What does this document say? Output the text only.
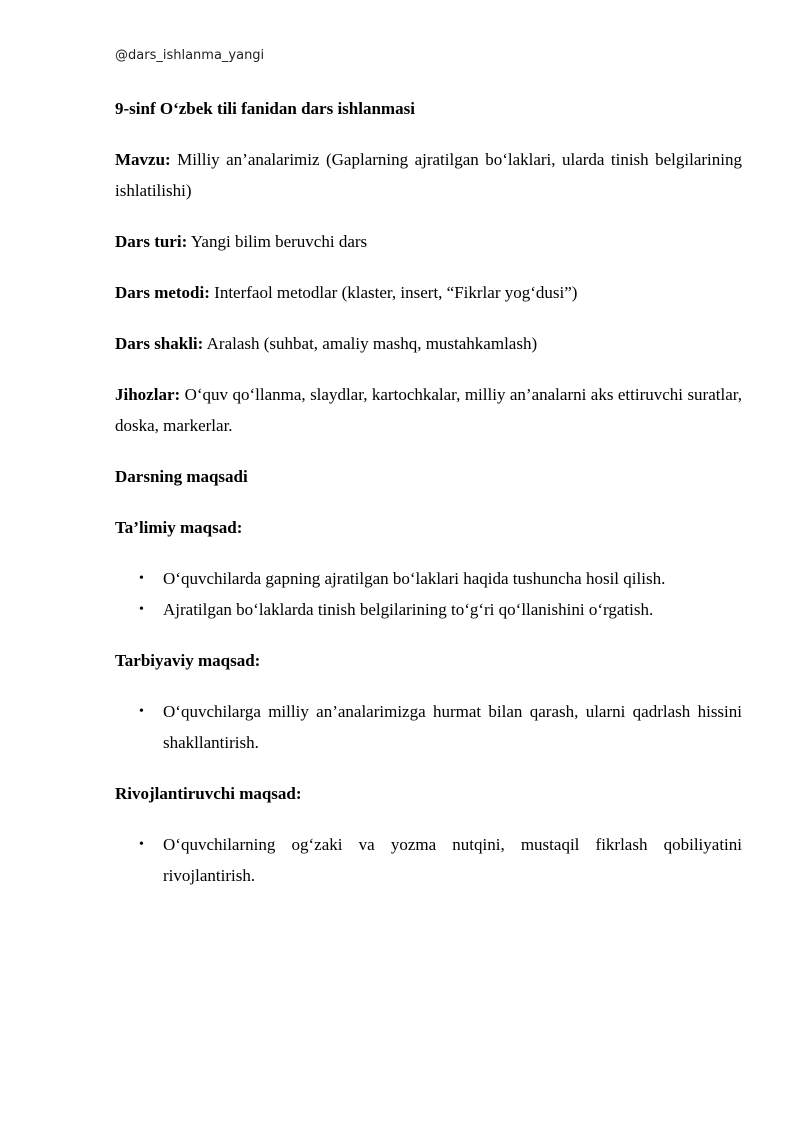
@dars_ishlanma_yangi
9-sinf O‘zbek tili fanidan dars ishlanmasi

Mavzu: Milliy an’analarimiz (Gaplarning ajratilgan bo‘laklari, ularda tinish belgilarining ishlatilishi)

Dars turi: Yangi bilim beruvchi dars

Dars metodi: Interfaol metodlar (klaster, insert, “Fikrlar yog‘dusi”)

Dars shakli: Aralash (suhbat, amaliy mashq, mustahkamlash)

Jihozlar: O‘quv qo‘llanma, slaydlar, kartochkalar, milliy an’analarni aks ettiruvchi suratlar, doska, markerlar.

Darsning maqsadi
Ta’limiy maqsad:
• O‘quvchilarda gapning ajratilgan bo‘laklari haqida tushuncha hosil qilish.
• Ajratilgan bo‘laklarda tinish belgilarining to‘g‘ri qo‘llanishini o‘rgatish.
Tarbiyaviy maqsad:
• O‘quvchilarga milliy an’analarimizga hurmat bilan qarash, ularni qadrlash hissini shakllantirish.
Rivojlantiruvchi maqsad:
• O‘quvchilarning og‘zaki va yozma nutqini, mustaqil fikrlash qobiliyatini rivojlantirish.
